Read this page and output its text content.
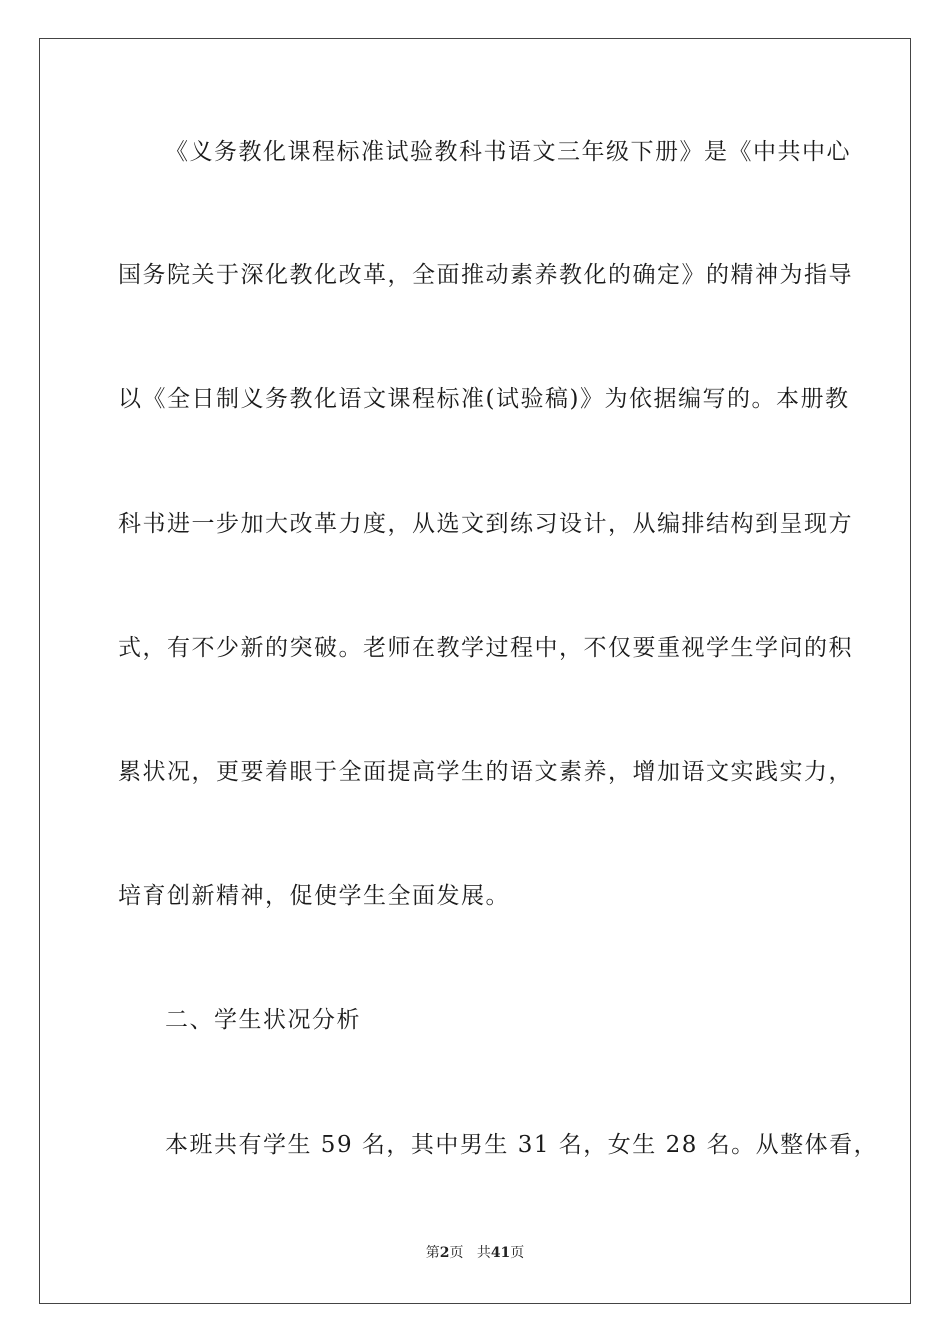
《义务教化课程标准试验教科书语文三年级下册》是《中共中心
国务院关于深化教化改革，全面推动素养教化的确定》的精神为指导
以《全日制义务教化语文课程标准(试验稿)》为依据编写的。本册教
科书进一步加大改革力度，从选文到练习设计，从编排结构到呈现方
式，有不少新的突破。老师在教学过程中，不仅要重视学生学问的积
累状况，更要着眼于全面提高学生的语文素养，增加语文实践实力，
培育创新精神，促使学生全面发展。
二、学生状况分析
本班共有学生 59 名，其中男生 31 名，女生 28 名。从整体看，
第2页 共41页
